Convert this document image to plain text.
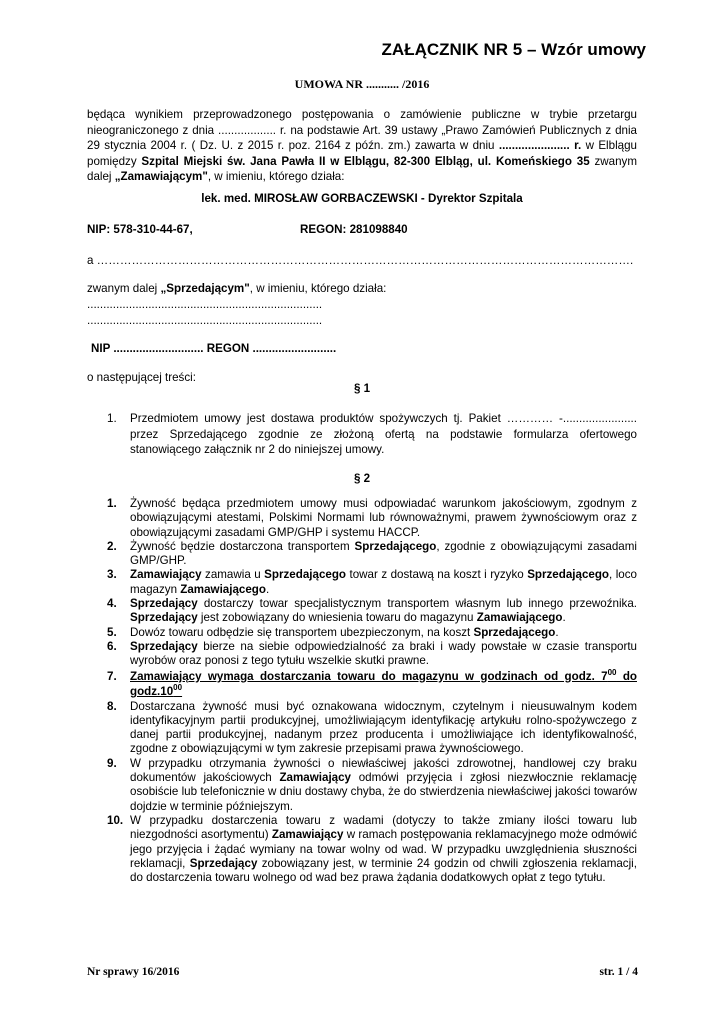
ZAŁĄCZNIK NR 5 – Wzór umowy
UMOWA NR ........... /2016
będąca wynikiem przeprowadzonego postępowania o zamówienie publiczne w trybie przetargu nieograniczonego z dnia .................. r. na podstawie Art. 39 ustawy „Prawo Zamówień Publicznych z dnia 29 stycznia 2004 r. ( Dz. U. z 2015 r. poz. 2164 z późn. zm.) zawarta w dniu ...................... r. w Elblągu pomiędzy Szpital Miejski św. Jana Pawła II w Elblągu, 82-300 Elbląg, ul. Komeńskiego 35 zwanym dalej „Zamawiającym", w imieniu, którego działa:
lek. med. MIROSŁAW GORBACZEWSKI - Dyrektor Szpitala
NIP: 578-310-44-67,	REGON: 281098840
a ………………………………………………………………………………………………………………………….
zwanym dalej „Sprzedającym", w imieniu, którego działa:
.........................................................................
.........................................................................
NIP ............................ REGON ..........................
o następującej treści:
§ 1
1. Przedmiotem umowy jest dostawa produktów spożywczych tj. Pakiet ………… -....................... przez Sprzedającego zgodnie ze złożoną ofertą na podstawie formularza ofertowego stanowiącego załącznik nr 2 do niniejszej umowy.
§ 2
1. Żywność będąca przedmiotem umowy musi odpowiadać warunkom jakościowym, zgodnym z obowiązującymi atestami, Polskimi Normami lub równoważnymi, prawem żywnościowym oraz z obowiązującymi zasadami GMP/GHP i systemu HACCP.
2. Żywność będzie dostarczona transportem Sprzedającego, zgodnie z obowiązującymi zasadami GMP/GHP.
3. Zamawiający zamawia u Sprzedającego towar z dostawą na koszt i ryzyko Sprzedającego, loco magazyn Zamawiającego.
4. Sprzedający dostarczy towar specjalistycznym transportem własnym lub innego przewoźnika. Sprzedający jest zobowiązany do wniesienia towaru do magazynu Zamawiającego.
5. Dowóz towaru odbędzie się transportem ubezpieczonym, na koszt Sprzedającego.
6. Sprzedający bierze na siebie odpowiedzialność za braki i wady powstałe w czasie transportu wyrobów oraz ponosi z tego tytułu wszelkie skutki prawne.
7. Zamawiający wymaga dostarczania towaru do magazynu w godzinach od godz. $7^{00}$ do $godz.10^{00}$
8. Dostarczana żywność musi być oznakowana widocznym, czytelnym i nieusuwalnym kodem identyfikacyjnym partii produkcyjnej, umożliwiającym identyfikację artykułu rolno-spożywczego z danej partii produkcyjnej, nadanym przez producenta i umożliwiające ich identyfikowalność, zgodne z obowiązującymi w tym zakresie przepisami prawa żywnościowego.
9. W przypadku otrzymania żywności o niewłaściwej jakości zdrowotnej, handlowej czy braku dokumentów jakościowych Zamawiający odmówi przyjęcia i zgłosi niezwłocznie reklamację osobiście lub telefonicznie w dniu dostawy chyba, że do stwierdzenia niewłaściwej jakości towarów dojdzie w terminie późniejszym.
10. W przypadku dostarczenia towaru z wadami (dotyczy to także zmiany ilości towaru lub niezgodności asortymentu) Zamawiający w ramach postępowania reklamacyjnego może odmówić jego przyjęcia i żądać wymiany na towar wolny od wad. W przypadku uwzględnienia słuszności reklamacji, Sprzedający zobowiązany jest, w terminie 24 godzin od chwili zgłoszenia reklamacji, do dostarczenia towaru wolnego od wad bez prawa żądania dodatkowych opłat z tego tytułu.
Nr sprawy 16/2016	str. 1 / 4
